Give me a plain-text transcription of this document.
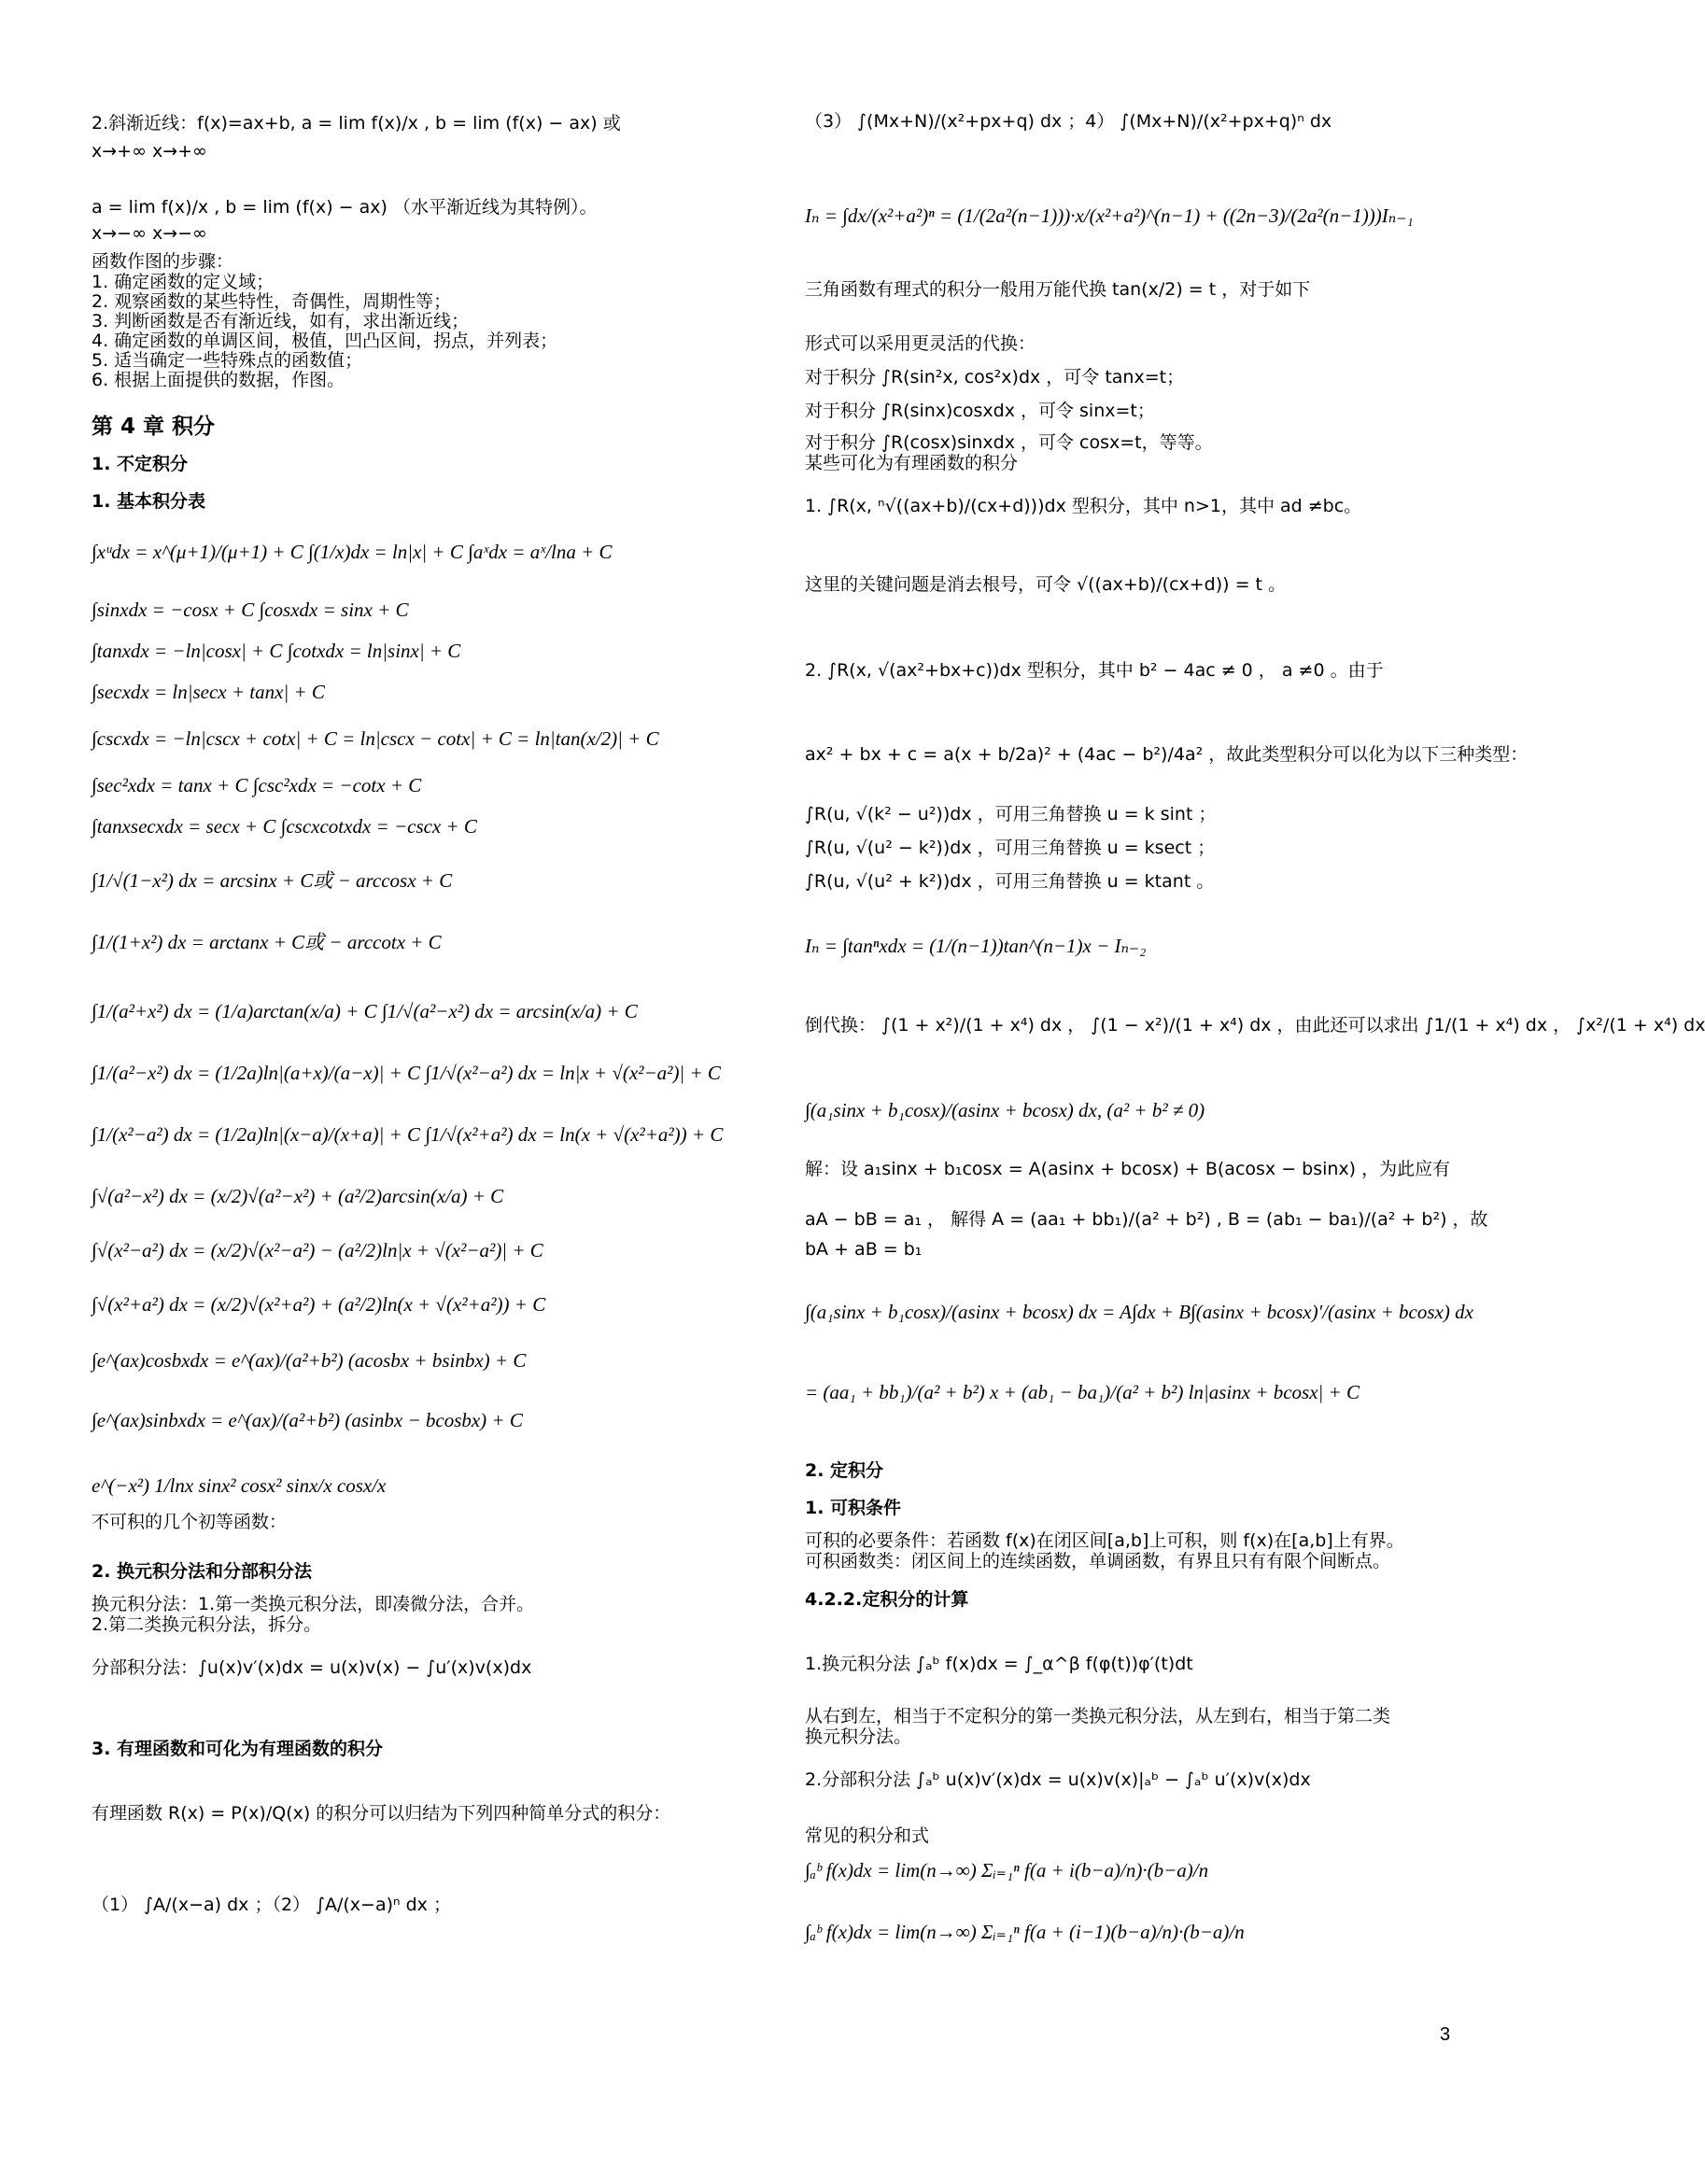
2.斜渐近线：f(x)=ax+b, a = lim f(x)/x , b = lim (f(x) − ax) 或
x→+∞ x→+∞
a = lim f(x)/x , b = lim (f(x) − ax) （水平渐近线为其特例）。
x→−∞ x→−∞
函数作图的步骤：
1. 确定函数的定义域；
2. 观察函数的某些特性，奇偶性，周期性等；
3. 判断函数是否有渐近线，如有，求出渐近线；
4. 确定函数的单调区间，极值，凹凸区间，拐点，并列表；
5. 适当确定一些特殊点的函数值；
6. 根据上面提供的数据，作图。
第 4 章 积分
1. 不定积分
1. 基本积分表
∫xᵘdx = x^(μ+1)/(μ+1) + C ∫(1/x)dx = ln|x| + C ∫aˣdx = aˣ/lna + C
∫sinxdx = −cosx + C ∫cosxdx = sinx + C
∫tanxdx = −ln|cosx| + C ∫cotxdx = ln|sinx| + C
∫secxdx = ln|secx + tanx| + C
∫cscxdx = −ln|cscx + cotx| + C = ln|cscx − cotx| + C = ln|tan(x/2)| + C
∫sec²xdx = tanx + C ∫csc²xdx = −cotx + C
∫tanxsecxdx = secx + C ∫cscxcotxdx = −cscx + C
∫1/√(1−x²) dx = arcsinx + C或 − arccosx + C
∫1/(1+x²) dx = arctanx + C或 − arccotx + C
∫1/(a²+x²) dx = (1/a)arctan(x/a) + C ∫1/√(a²−x²) dx = arcsin(x/a) + C
∫1/(a²−x²) dx = (1/2a)ln|(a+x)/(a−x)| + C ∫1/√(x²−a²) dx = ln|x + √(x²−a²)| + C
∫1/(x²−a²) dx = (1/2a)ln|(x−a)/(x+a)| + C ∫1/√(x²+a²) dx = ln(x + √(x²+a²)) + C
∫√(a²−x²) dx = (x/2)√(a²−x²) + (a²/2)arcsin(x/a) + C
∫√(x²−a²) dx = (x/2)√(x²−a²) − (a²/2)ln|x + √(x²−a²)| + C
∫√(x²+a²) dx = (x/2)√(x²+a²) + (a²/2)ln(x + √(x²+a²)) + C
∫e^(ax)cosbxdx = e^(ax)/(a²+b²) (acosbx + bsinbx) + C
∫e^(ax)sinbxdx = e^(ax)/(a²+b²) (asinbx − bcosbx) + C
e^(−x²) 1/lnx sinx² cosx² sinx/x cosx/x
不可积的几个初等函数：
2. 换元积分法和分部积分法
换元积分法：1.第一类换元积分法，即凑微分法，合并。
2.第二类换元积分法，拆分。
分部积分法：∫u(x)v′(x)dx = u(x)v(x) − ∫u′(x)v(x)dx
3. 有理函数和可化为有理函数的积分
有理函数 R(x) = P(x)/Q(x) 的积分可以归结为下列四种简单分式的积分：
（1） ∫A/(x−a) dx ；（2） ∫A/(x−a)ⁿ dx ；
（3） ∫(Mx+N)/(x²+px+q) dx ；4） ∫(Mx+N)/(x²+px+q)ⁿ dx
Iₙ = ∫dx/(x²+a²)ⁿ = (1/(2a²(n−1)))·x/(x²+a²)^(n−1) + ((2n−3)/(2a²(n−1)))Iₙ₋₁
三角函数有理式的积分一般用万能代换 tan(x/2) = t ，对于如下
形式可以采用更灵活的代换：
对于积分 ∫R(sin²x, cos²x)dx ，可令 tanx=t；
对于积分 ∫R(sinx)cosxdx ，可令 sinx=t；
对于积分 ∫R(cosx)sinxdx ，可令 cosx=t，等等。
某些可化为有理函数的积分
1. ∫R(x, ⁿ√((ax+b)/(cx+d)))dx 型积分，其中 n>1，其中 ad ≠bc。
这里的关键问题是消去根号，可令 √((ax+b)/(cx+d)) = t 。
2. ∫R(x, √(ax²+bx+c))dx 型积分，其中 b² − 4ac ≠ 0 ， a ≠0 。由于
ax² + bx + c = a(x + b/2a)² + (4ac − b²)/4a² ，故此类型积分可以化为以下三种类型：
∫R(u, √(k² − u²))dx ，可用三角替换 u = k sint ；
∫R(u, √(u² − k²))dx ，可用三角替换 u = ksect ；
∫R(u, √(u² + k²))dx ，可用三角替换 u = ktant 。
Iₙ = ∫tanⁿxdx = (1/(n−1))tan^(n−1)x − Iₙ₋₂
倒代换： ∫(1 + x²)/(1 + x⁴) dx ， ∫(1 − x²)/(1 + x⁴) dx ，由此还可以求出 ∫1/(1 + x⁴) dx ， ∫x²/(1 + x⁴) dx
∫(a₁sinx + b₁cosx)/(asinx + bcosx) dx, (a² + b² ≠ 0)
解：设 a₁sinx + b₁cosx = A(asinx + bcosx) + B(acosx − bsinx) ，为此应有
aA − bB = a₁ ， 解得 A = (aa₁ + bb₁)/(a² + b²) , B = (ab₁ − ba₁)/(a² + b²) ，故
bA + aB = b₁
∫(a₁sinx + b₁cosx)/(asinx + bcosx) dx = A∫dx + B∫(asinx + bcosx)′/(asinx + bcosx) dx
= (aa₁ + bb₁)/(a² + b²) x + (ab₁ − ba₁)/(a² + b²) ln|asinx + bcosx| + C
2. 定积分
1. 可积条件
可积的必要条件：若函数 f(x)在闭区间[a,b]上可积，则 f(x)在[a,b]上有界。
可积函数类：闭区间上的连续函数，单调函数，有界且只有有限个间断点。
4.2.2.定积分的计算
1.换元积分法 ∫ₐᵇ f(x)dx = ∫_α^β f(φ(t))φ′(t)dt
从右到左，相当于不定积分的第一类换元积分法，从左到右，相当于第二类
换元积分法。
2.分部积分法 ∫ₐᵇ u(x)v′(x)dx = u(x)v(x)|ₐᵇ − ∫ₐᵇ u′(x)v(x)dx
常见的积分和式
∫ₐᵇ f(x)dx = lim(n→∞) Σᵢ₌₁ⁿ f(a + i(b−a)/n)·(b−a)/n
∫ₐᵇ f(x)dx = lim(n→∞) Σᵢ₌₁ⁿ f(a + (i−1)(b−a)/n)·(b−a)/n
3
